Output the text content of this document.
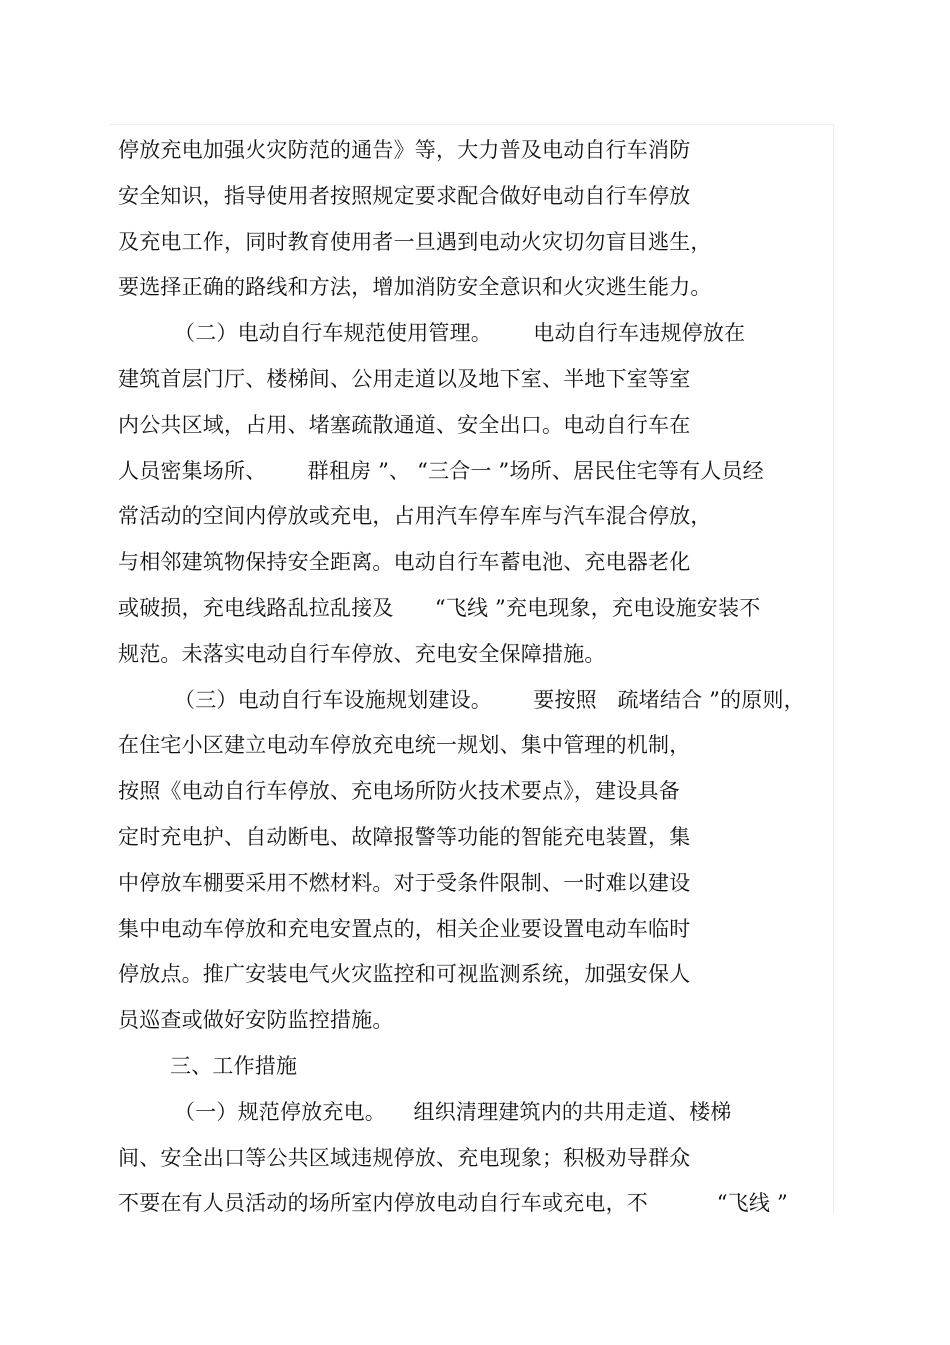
停放充电加强火灾防范的通告》等，大力普及电动自行车消防
安全知识，指导使用者按照规定要求配合做好电动自行车停放
及充电工作，同时教育使用者一旦遇到电动火灾切勿盲目逃生，
要选择正确的路线和方法，增加消防安全意识和火灾逃生能力。
（二）电动自行车规范使用管理。      电动自行车违规停放在
建筑首层门厅、楼梯间、公用走道以及地下室、半地下室等室
内公共区域，占用、堵塞疏散通道、安全出口。电动自行车在
人员密集场所、      群租房 ”、 “三合一 ”场所、居民住宅等有人员经
常活动的空间内停放或充电，占用汽车停车库与汽车混合停放，
与相邻建筑物保持安全距离。电动自行车蓄电池、充电器老化
或破损，充电线路乱拉乱接及      “飞线 ”充电现象，充电设施安装不
规范。未落实电动自行车停放、充电安全保障措施。
（三）电动自行车设施规划建设。      要按照   疏堵结合 ”的原则，
在住宅小区建立电动车停放充电统一规划、集中管理的机制，
按照《电动自行车停放、充电场所防火技术要点》，建设具备
定时充电护、自动断电、故障报警等功能的智能充电装置，集
中停放车棚要采用不燃材料。对于受条件限制、一时难以建设
集中电动车停放和充电安置点的，相关企业要设置电动车临时
停放点。推广安装电气火灾监控和可视监测系统，加强安保人
员巡查或做好安防监控措施。
三、工作措施
（一）规范停放充电。    组织清理建筑内的共用走道、楼梯
间、安全出口等公共区域违规停放、充电现象；积极劝导群众
不要在有人员活动的场所室内停放电动自行车或充电，不          “飞线 ”
